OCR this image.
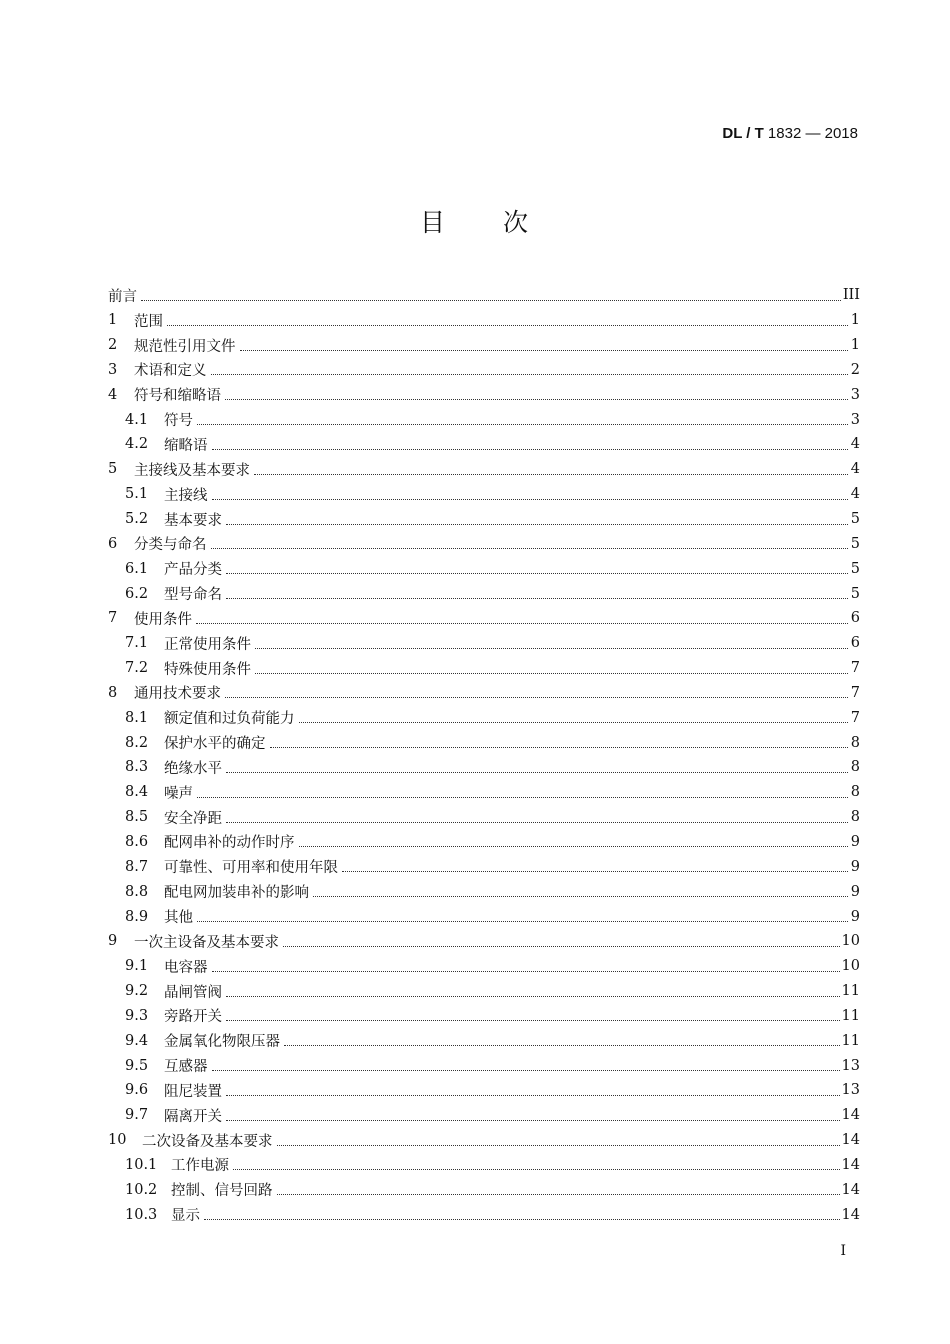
DL / T 1832 — 2018
目 次
前言	III
1	范围	1
2	规范性引用文件	1
3	术语和定义	2
4	符号和缩略语	3
4.1	符号	3
4.2	缩略语	4
5	主接线及基本要求	4
5.1	主接线	4
5.2	基本要求	5
6	分类与命名	5
6.1	产品分类	5
6.2	型号命名	5
7	使用条件	6
7.1	正常使用条件	6
7.2	特殊使用条件	7
8	通用技术要求	7
8.1	额定值和过负荷能力	7
8.2	保护水平的确定	8
8.3	绝缘水平	8
8.4	噪声	8
8.5	安全净距	8
8.6	配网串补的动作时序	9
8.7	可靠性、可用率和使用年限	9
8.8	配电网加装串补的影响	9
8.9	其他	9
9	一次主设备及基本要求	10
9.1	电容器	10
9.2	晶闸管阀	11
9.3	旁路开关	11
9.4	金属氧化物限压器	11
9.5	互感器	13
9.6	阻尼装置	13
9.7	隔离开关	14
10	二次设备及基本要求	14
10.1 工作电源	14
10.2 控制、信号回路	14
10.3 显示	14
I
